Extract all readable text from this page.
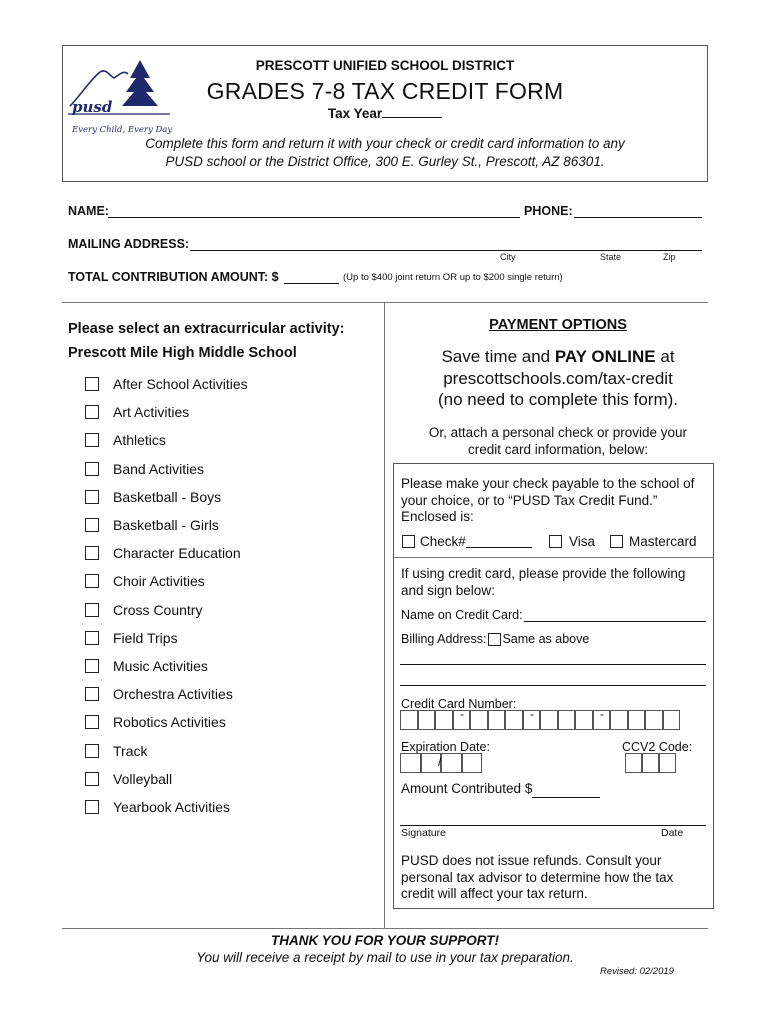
pusd
Every Child, Every Day
PRESCOTT UNIFIED SCHOOL DISTRICT
GRADES 7-8 TAX CREDIT FORM
Tax Year
Complete this form and return it with your check or credit card information to any
PUSD school or the District Office, 300 E. Gurley St., Prescott, AZ 86301.
NAME:	PHONE:
MAILING ADDRESS:
City	State	Zip
TOTAL CONTRIBUTION AMOUNT: $	(Up to $400 joint return OR up to $200 single return)
Please select an extracurricular activity:
Prescott Mile High Middle School
After School Activities
Art Activities
Athletics
Band Activities
Basketball - Boys
Basketball - Girls
Character Education
Choir Activities
Cross Country
Field Trips
Music Activities
Orchestra Activities
Robotics Activities
Track
Volleyball
Yearbook Activities
PAYMENT OPTIONS
Save time and PAY ONLINE at
prescottschools.com/tax-credit
(no need to complete this form).
Or, attach a personal check or provide your
credit card information, below:
Please make your check payable to the school of
your choice, or to “PUSD Tax Credit Fund.”
Enclosed is:
Check#	Visa	Mastercard
If using credit card, please provide the following
and sign below:
Name on Credit Card:
Billing Address: Same as above
Credit Card Number:
-	-	-
Expiration Date:	CCV2 Code:
/
Amount Contributed $
Signature	Date
PUSD does not issue refunds. Consult your
personal tax advisor to determine how the tax
credit will affect your tax return.
THANK YOU FOR YOUR SUPPORT!
You will receive a receipt by mail to use in your tax preparation.
Revised: 02/2019
